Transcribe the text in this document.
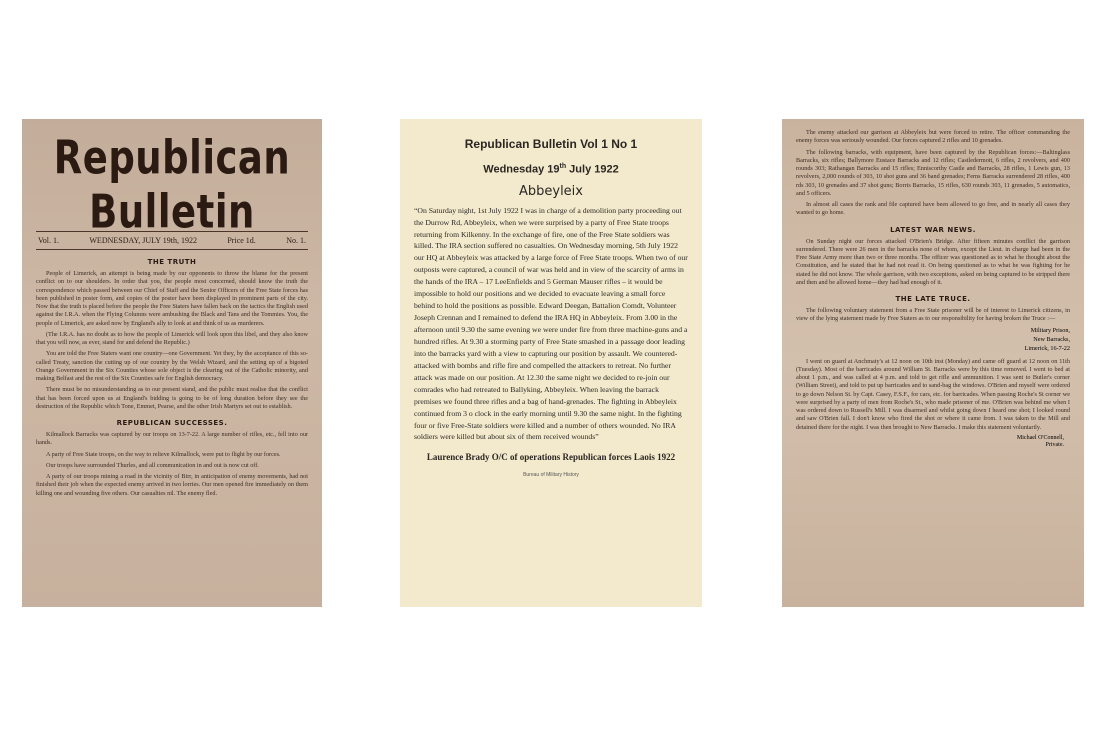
Republican Bulletin
Vol. 1.	WEDNESDAY, JULY 19th, 1922	Price 1d.	No. 1.
THE TRUTH

People of Limerick, an attempt is being made by our opponents to throw the blame for the present conflict on to our shoulders. In order that you, the people most concerned, should know the truth the correspondence which passed between our Chief of Staff and the Senior Officers of the Free State forces has been published in poster form, and copies of the poster have been displayed in prominent parts of the city. Now that the truth is placed before the people the Free Staters have fallen back on the tactics the English used against the I.R.A. when the Flying Columns were ambushing the Black and Tans and the Tommies. You, the people of Limerick, are asked now by England's ally to look at and think of us as murderers.

(The I.R.A. has no doubt as to how the people of Limerick will look upon this libel, and they also know that you will now, as ever, stand for and defend the Republic.)

You are told the Free Staters want one country—one Government. Yet they, by the acceptance of this so-called Treaty, sanction the cutting up of our country by the Welsh Wizard, and the setting up of a bigoted Orange Government in the Six Counties whose sole object is the clearing out of the Catholic minority, and making Belfast and the rest of the Six Counties safe for English democracy.

There must be no misunderstanding as to our present stand, and the public must realise that the conflict that has been forced upon us at England's bidding is going to be of long duration before they see the destruction of the Republic which Tone, Emmet, Pearse, and the other Irish Martyrs set out to establish.

REPUBLICAN SUCCESSES.

Kilmallock Barracks was captured by our troops on 13-7-22. A large number of rifles, etc., fell into our hands.

A party of Free State troops, on the way to relieve Kilmallock, were put to flight by our forces.

Our troops have surrounded Thurles, and all communication in and out is now cut off.

A party of our troops mining a road in the vicinity of Birr, in anticipation of enemy movements, had not finished their job when the expected enemy arrived in two lorries. Our men opened fire immediately on them killing one and wounding five others. Our casualties nil. The enemy fled.

Republican Bulletin Vol 1 No 1

Wednesday 19th July 1922

Abbeyleix

“On Saturday night, 1st July 1922 I was in charge of a demolition party proceeding out the Durrow Rd, Abbeyleix, when we were surprised by a party of Free State troops returning from Kilkenny. In the exchange of fire, one of the Free State soldiers was killed. The IRA section suffered no casualties. On Wednesday morning, 5th July 1922 our HQ at Abbeyleix was attacked by a large force of Free State troops. When two of our outposts were captured, a council of war was held and in view of the scarcity of arms in the hands of the IRA – 17 LeeEnfields and 5 German Mauser rifles – it would be impossible to hold our positions and we decided to evacuate leaving a small force behind to hold the positions as possible. Edward Deegan, Battalion Comdt, Volunteer Joseph Crennan and I remained to defend the IRA HQ in Abbeyleix. From 3.00 in the afternoon until 9.30 the same evening we were under fire from three machine-guns and a hundred rifles. At 9.30 a storming party of Free State smashed in a passage door leading into the barracks yard with a view to capturing our position by assault. We countered-attacked with bombs and rifle fire and compelled the attackers to retreat. No further attack was made on our position. At 12.30 the same night we decided to re-join our comrades who had retreated to Ballyking, Abbeyleix. When leaving the barrack premises we found three rifles and a bag of hand-grenades. The fighting in Abbeyleix continued from 3 o clock in the early morning until 9.30 the same night. In the fighting four or five Free-State soldiers were killed and a number of others wounded. No IRA soldiers were killed but about six of them received wounds”

Laurence Brady O/C of operations Republican forces Laois 1922

Bureau of Military History

The enemy attacked our garrison at Abbeyleix but were forced to retire. The officer commanding the enemy forces was seriously wounded. Our forces captured 2 rifles and 10 grenades.

The following barracks, with equipment, have been captured by the Republican forces:—Baltinglass Barracks, six rifles; Ballymore Eustace Barracks and 12 rifles; Castledermott, 6 rifles, 2 revolvers, and 400 rounds 303; Rathangan Barracks and 15 rifles; Enniscorthy Castle and Barracks, 28 rifles, 1 Lewis gun, 13 revolvers, 2,000 rounds of 303, 10 shot guns and 36 band grenades; Ferns Barracks surrendered 28 rifles, 400 rds 303, 10 grenades and 37 shot guns; Borris Barracks, 15 rifles, 630 rounds 303, 11 grenades, 5 automatics, and 5 officers.

In almost all cases the rank and file captured have been allowed to go free, and in nearly all cases they wanted to go home.

LATEST WAR NEWS.

On Sunday night our forces attacked O'Brien's Bridge. After fifteen minutes conflict the garrison surrendered. There were 26 men in the barracks none of whom, except the Lieut. in charge had been in the Free State Army more than two or three months. The officer was questioned as to what he thought about the Constitution, and he stated that he had not read it. On being questioned as to what he was fighting for he stated he did not know. The whole garrison, with two exceptions, asked on being captured to be stripped there and then and be allowed home—they had had enough of it.

THE LATE TRUCE.

The following voluntary statement from a Free State prisoner will be of interest to Limerick citizens, in view of the lying statement made by Free Staters as to our responsibility for having broken the Truce :—

Military Prison,
New Barracks,
Limerick, 16-7-22

I went on guard at Anchmaty's at 12 noon on 10th inst (Monday) and came off guard at 12 noon on 11th (Tuesday). Most of the barricades around William St. Barracks were by this time removed. I went to bed at about 1 p.m., and was called at 4 p.m. and told to get rifle and ammunition. I was sent to Butler's corner (William Street), and told to put up barricades and to sand-bag the windows. O'Brien and myself were ordered to go down Nelson St. by Capt. Casey, F.S.F., for cars, etc. for barricades. When passing Roche's St corner we were surprised by a party of men from Roche's St., who made prisoner of me. O'Brien was behind me when I was ordered down to Russell's Mill. I was disarmed and whilst going down I heard one shot; I looked round and saw O'Brien fall. I don't know who fired the shot or where it came from. I was taken to the Mill and detained there for the night. I was then brought to New Barracks. I make this statement voluntarily.

Michael O'Connell,
Private.
